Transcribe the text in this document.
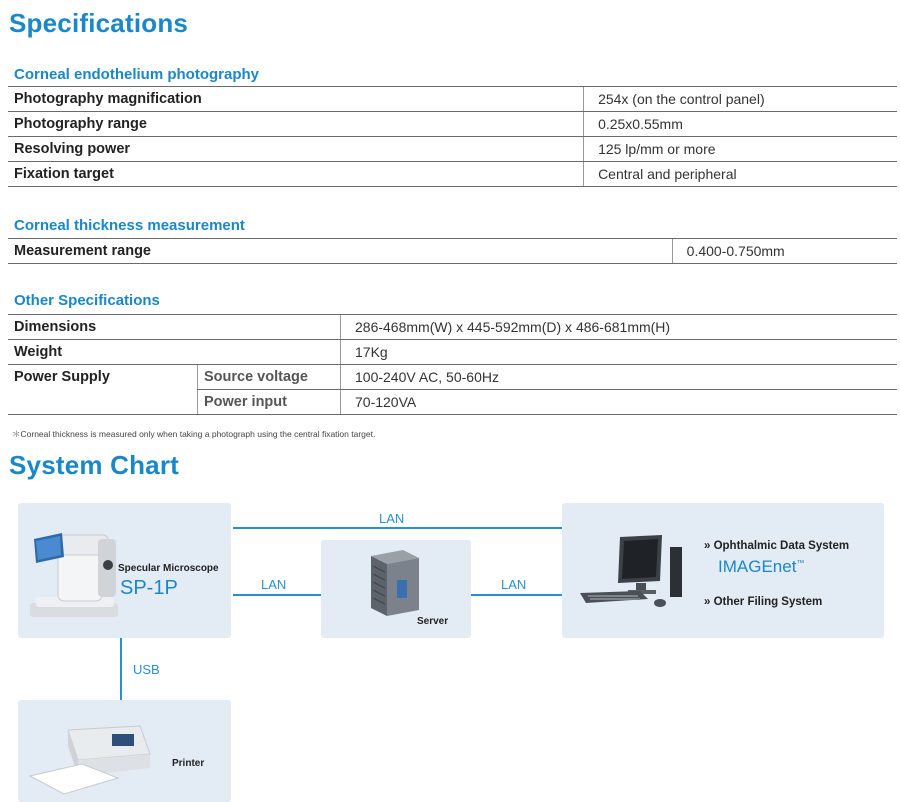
Specifications
Corneal endothelium photography
Photography magnification	254x (on the control panel)
Photography range	0.25x0.55mm
Resolving power	125 lp/mm or more
Fixation target	Central and peripheral
Corneal thickness measurement
Measurement range	0.400-0.750mm
Other Specifications
Dimensions		286-468mm(W) x 445-592mm(D) x 486-681mm(H)
Weight		17Kg
Power Supply	Source voltage	100-240V AC, 50-60Hz
	Power input	70-120VA
＊Corneal thickness is measured only when taking a photograph using the central fixation target.
System Chart
LAN
LAN	LAN
USB
Specular Microscope
SP-1P
Server
» Ophthalmic Data System
IMAGEnet™
» Other Filing System
Printer
